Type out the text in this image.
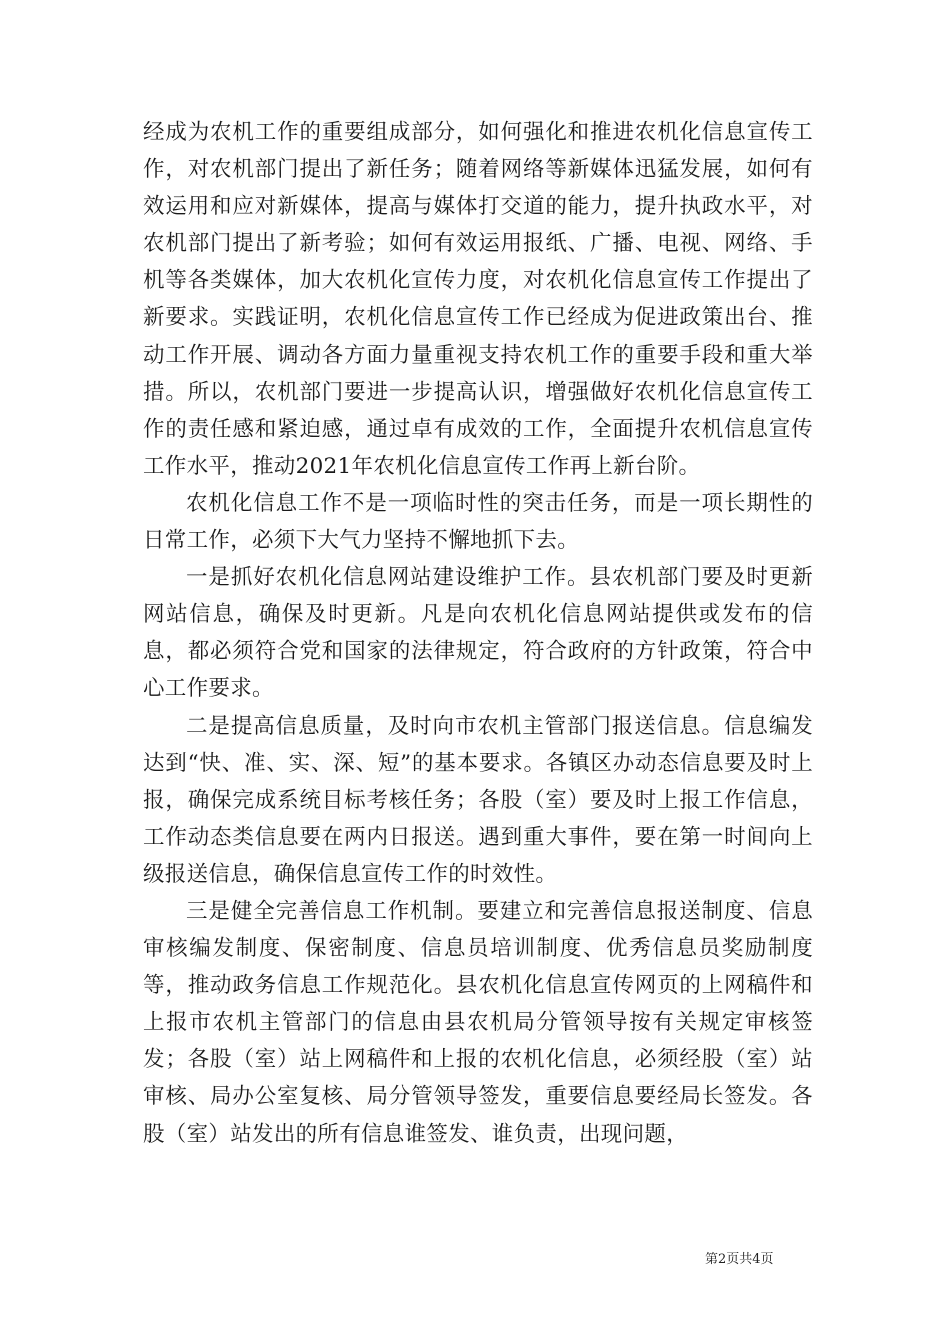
经成为农机工作的重要组成部分，如何强化和推进农机化信息宣传工作，对农机部门提出了新任务；随着网络等新媒体迅猛发展，如何有效运用和应对新媒体，提高与媒体打交道的能力，提升执政水平，对农机部门提出了新考验；如何有效运用报纸、广播、电视、网络、手机等各类媒体，加大农机化宣传力度，对农机化信息宣传工作提出了新要求。实践证明，农机化信息宣传工作已经成为促进政策出台、推动工作开展、调动各方面力量重视支持农机工作的重要手段和重大举措。所以，农机部门要进一步提高认识，增强做好农机化信息宣传工作的责任感和紧迫感，通过卓有成效的工作，全面提升农机信息宣传工作水平，推动2021年农机化信息宣传工作再上新台阶。

农机化信息工作不是一项临时性的突击任务，而是一项长期性的日常工作，必须下大气力坚持不懈地抓下去。

一是抓好农机化信息网站建设维护工作。县农机部门要及时更新网站信息，确保及时更新。凡是向农机化信息网站提供或发布的信息，都必须符合党和国家的法律规定，符合政府的方针政策，符合中心工作要求。

二是提高信息质量，及时向市农机主管部门报送信息。信息编发达到“快、准、实、深、短”的基本要求。各镇区办动态信息要及时上报，确保完成系统目标考核任务；各股（室）要及时上报工作信息，工作动态类信息要在两内日报送。遇到重大事件，要在第一时间向上级报送信息，确保信息宣传工作的时效性。

三是健全完善信息工作机制。要建立和完善信息报送制度、信息审核编发制度、保密制度、信息员培训制度、优秀信息员奖励制度等，推动政务信息工作规范化。县农机化信息宣传网页的上网稿件和上报市农机主管部门的信息由县农机局分管领导按有关规定审核签发；各股（室）站上网稿件和上报的农机化信息，必须经股（室）站审核、局办公室复核、局分管领导签发，重要信息要经局长签发。各股（室）站发出的所有信息谁签发、谁负责，出现问题，

第2页共4页
